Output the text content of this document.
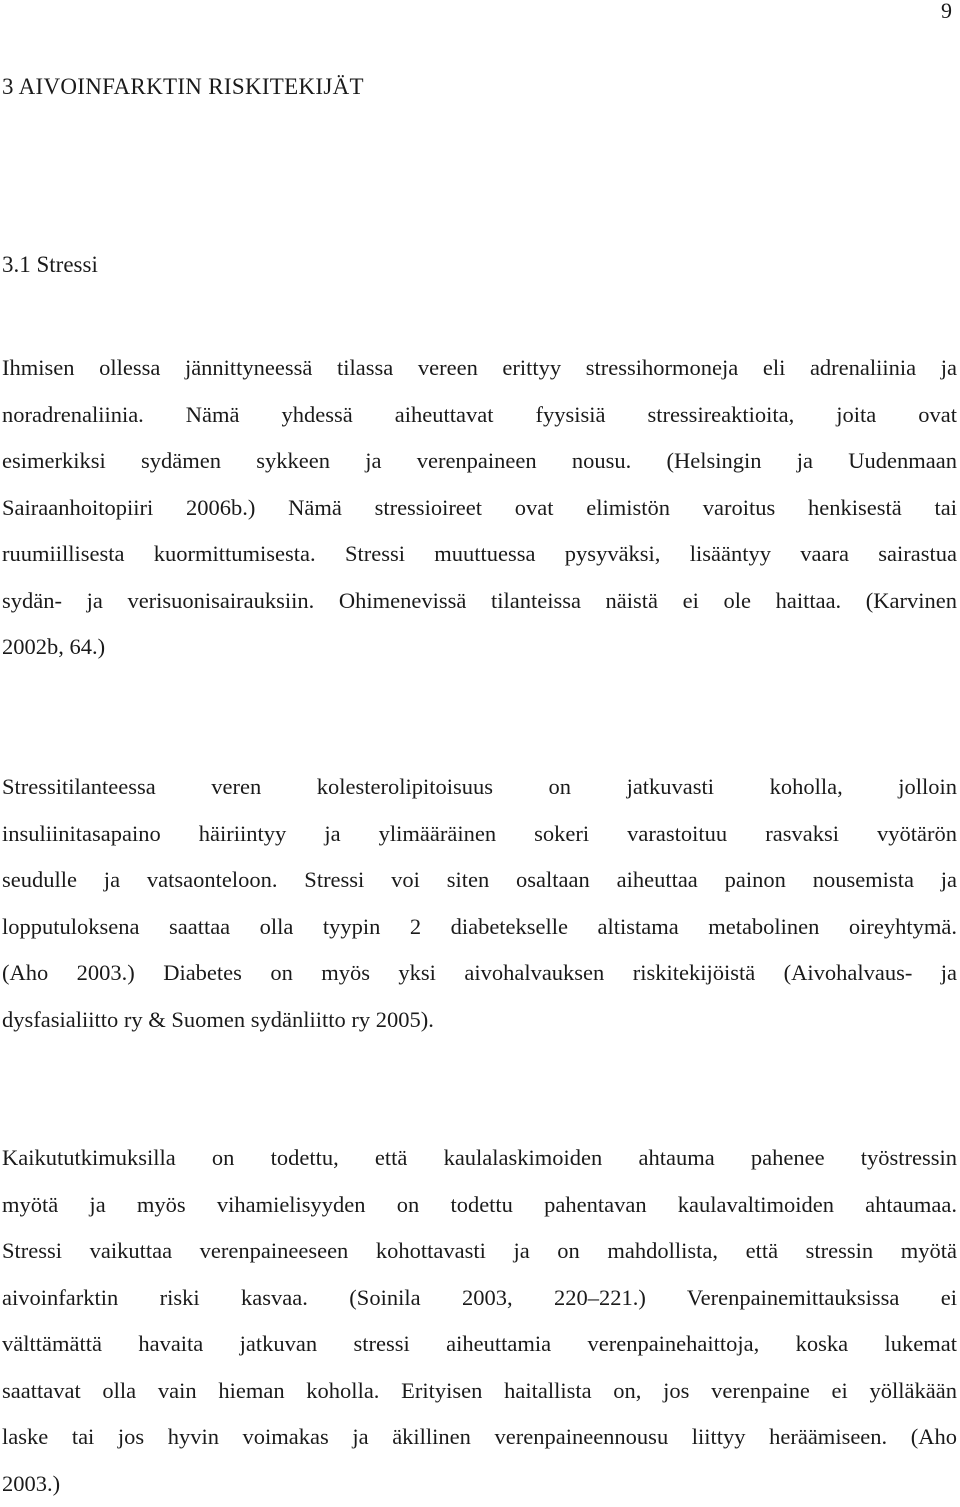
9
3 AIVOINFARKTIN RISKITEKIJÄT
3.1 Stressi
Ihmisen ollessa jännittyneessä tilassa vereen erittyy stressihormoneja eli adrenaliinia ja
noradrenaliinia. Nämä yhdessä aiheuttavat fyysisiä stressireaktioita, joita ovat
esimerkiksi sydämen sykkeen ja verenpaineen nousu. (Helsingin ja Uudenmaan
Sairaanhoitopiiri 2006b.) Nämä stressioireet ovat elimistön varoitus henkisestä tai
ruumiillisesta kuormittumisesta. Stressi muuttuessa pysyväksi, lisääntyy vaara sairastua
sydän- ja verisuonisairauksiin. Ohimenevissä tilanteissa näistä ei ole haittaa. (Karvinen
2002b, 64.)
Stressitilanteessa veren kolesterolipitoisuus on jatkuvasti koholla, jolloin
insuliinitasapaino häiriintyy ja ylimääräinen sokeri varastoituu rasvaksi vyötärön
seudulle ja vatsaonteloon. Stressi voi siten osaltaan aiheuttaa painon nousemista ja
lopputuloksena saattaa olla tyypin 2 diabetekselle altistama metabolinen oireyhtymä.
(Aho 2003.) Diabetes on myös yksi aivohalvauksen riskitekijöistä (Aivohalvaus- ja
dysfasialiitto ry & Suomen sydänliitto ry 2005).
Kaikututkimuksilla on todettu, että kaulalaskimoiden ahtauma pahenee työstressin
myötä ja myös vihamielisyyden on todettu pahentavan kaulavaltimoiden ahtaumaa.
Stressi vaikuttaa verenpaineeseen kohottavasti ja on mahdollista, että stressin myötä
aivoinfarktin riski kasvaa. (Soinila 2003, 220–221.) Verenpainemittauksissa ei
välttämättä havaita jatkuvan stressi aiheuttamia verenpainehaittoja, koska lukemat
saattavat olla vain hieman koholla. Erityisen haitallista on, jos verenpaine ei yölläkään
laske tai jos hyvin voimakas ja äkillinen verenpaineennousu liittyy heräämiseen. (Aho
2003.)
